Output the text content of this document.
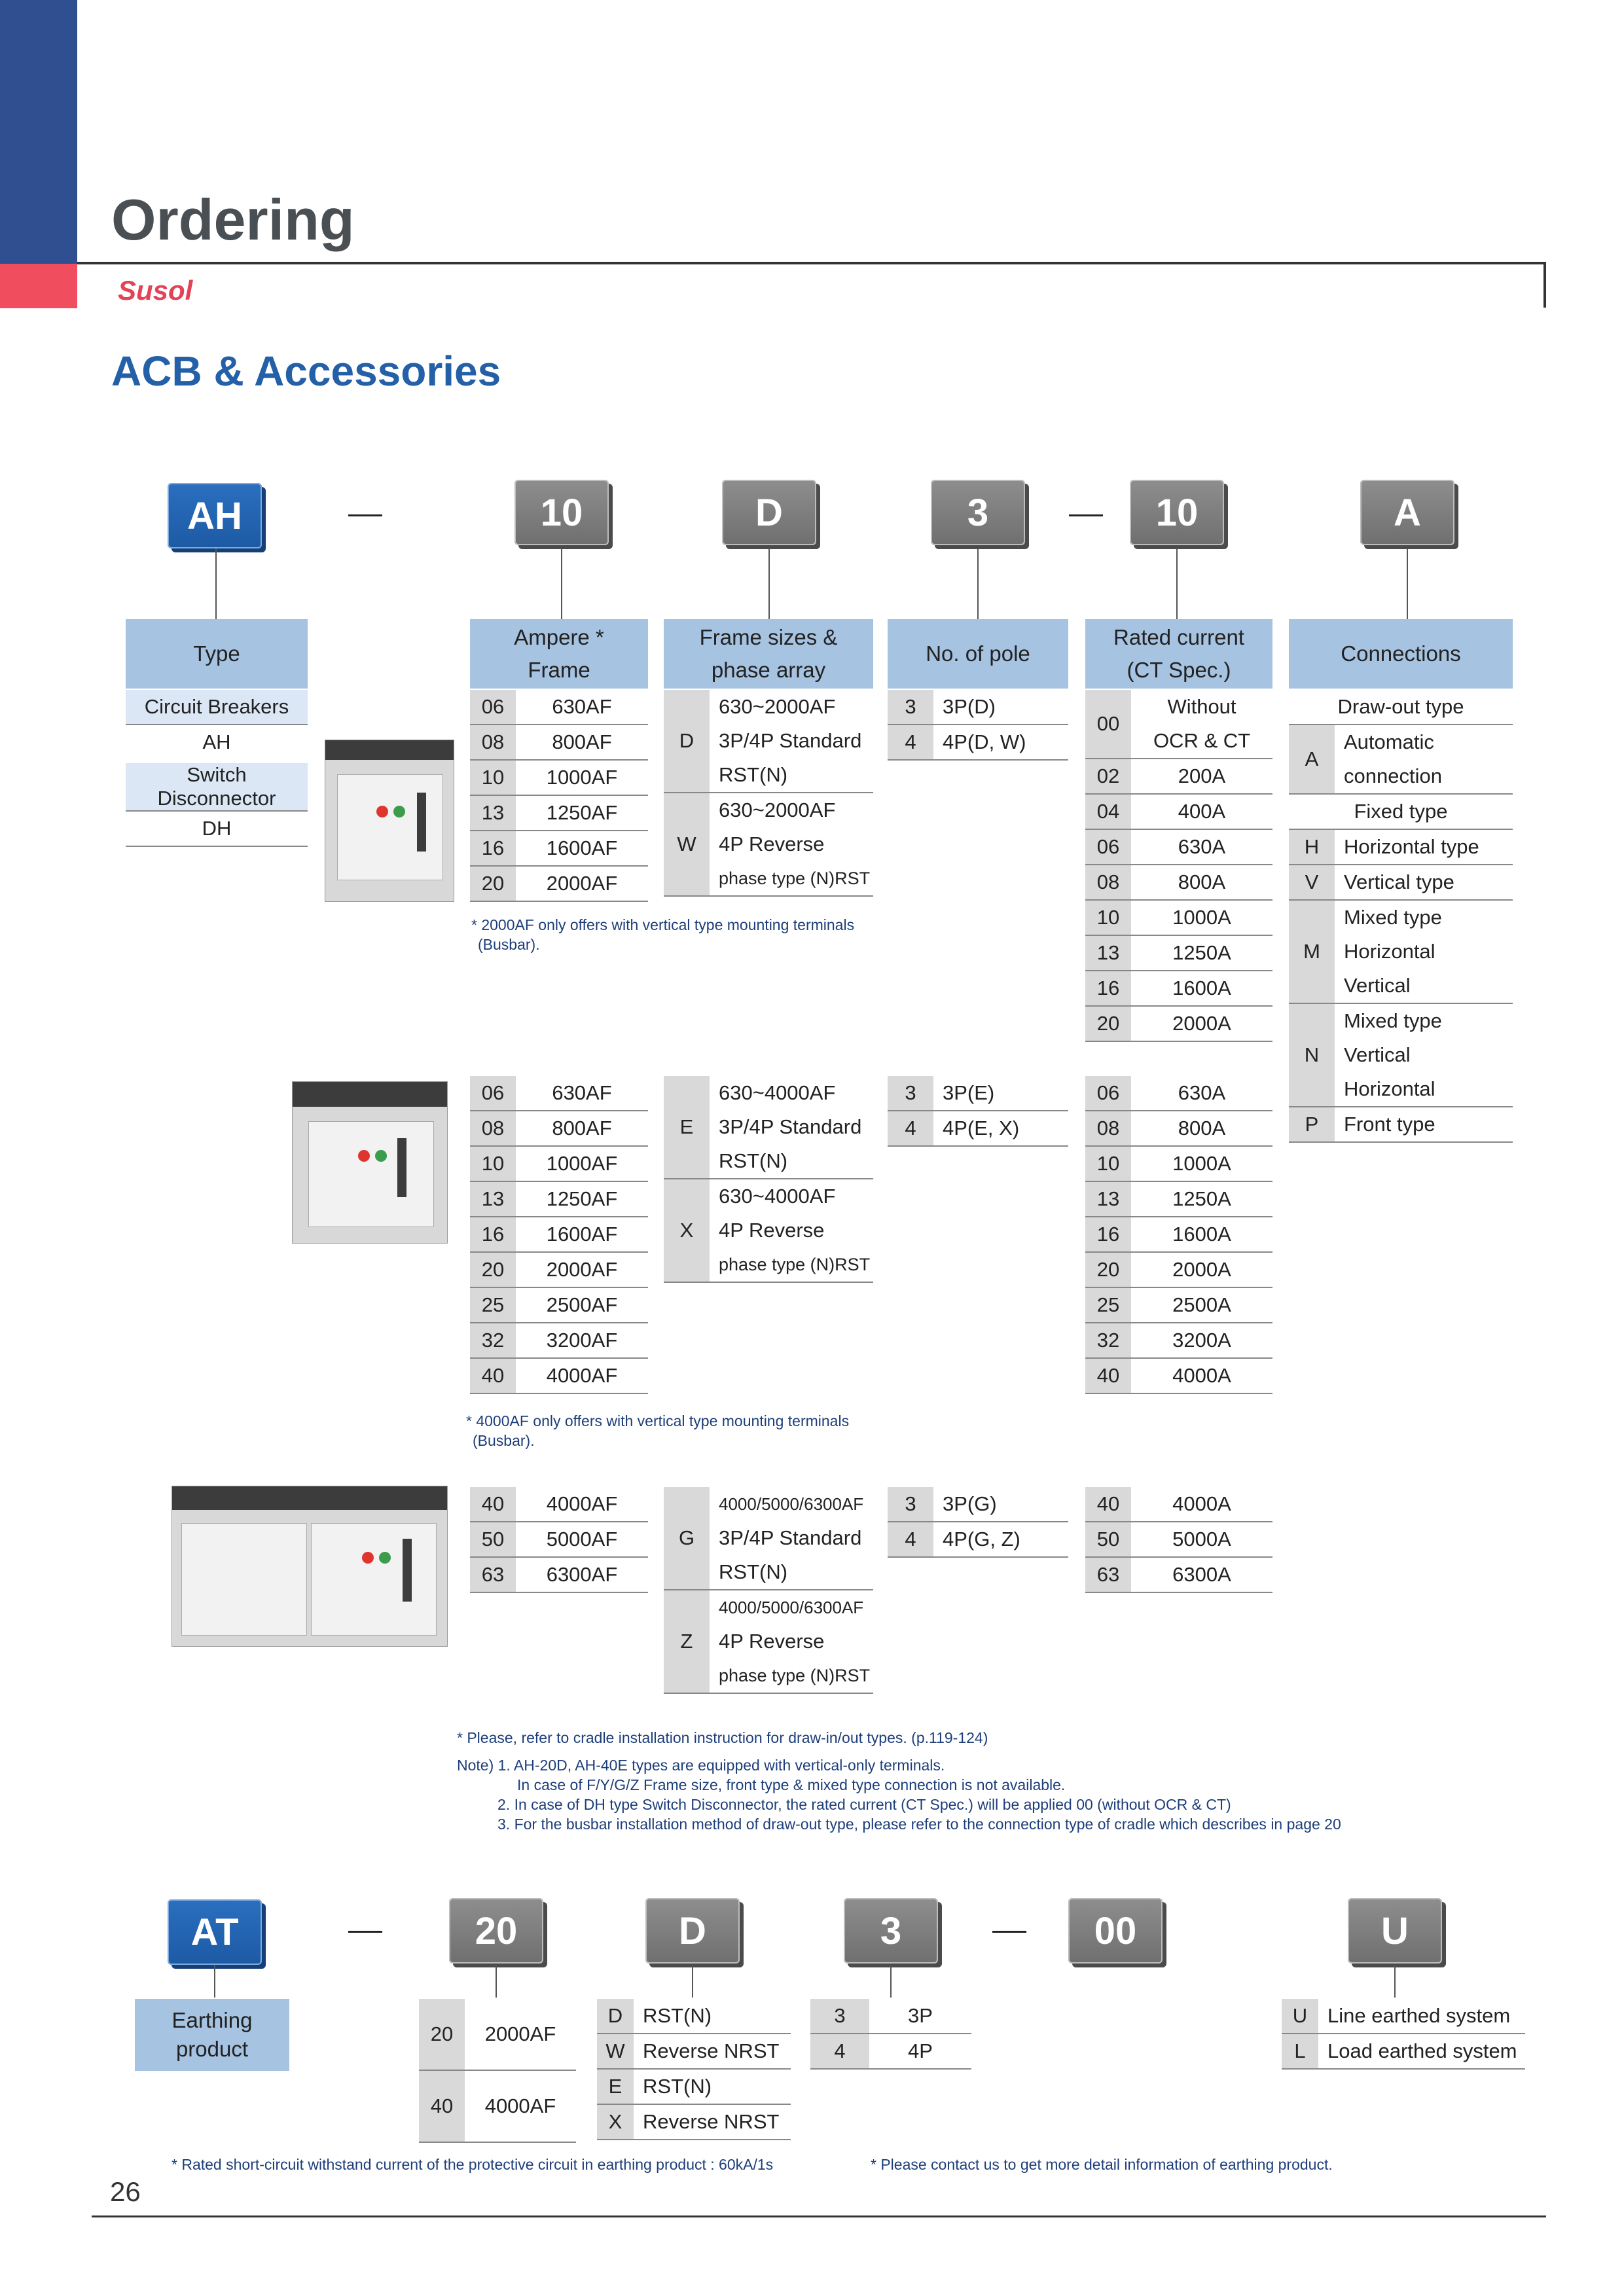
Ordering
Susol
ACB & Accessories
AH	10	D	3	10	A
Type
Ampere *
Frame
Frame sizes &
phase array
No. of pole
Rated current
(CT Spec.)
Connections
Circuit Breakers
AH
Switch Disconnector
DH
06	630AF
08	800AF
10	1000AF
13	1250AF
16	1600AF
20	2000AF
D	630~2000AF
	3P/4P Standard
	RST(N)
W	630~2000AF
	4P Reverse
	phase type (N)RST
3	3P(D)
4	4P(D, W)
* 2000AF only offers with vertical type mounting terminals
(Busbar).
00	Without
	OCR & CT
02	200A
04	400A
06	630A
08	800A
10	1000A
13	1250A
16	1600A
20	2000A
Draw-out type	
A	Automatic
	connection
Fixed type	
H	Horizontal type
V	Vertical type
M	Mixed type
	Horizontal
	Vertical
N	Mixed type
	Vertical
	Horizontal
P	Front type
06	630AF
08	800AF
10	1000AF
13	1250AF
16	1600AF
20	2000AF
25	2500AF
32	3200AF
40	4000AF
E	630~4000AF
	3P/4P Standard
	RST(N)
X	630~4000AF
	4P Reverse
	phase type (N)RST
3	3P(E)
4	4P(E, X)
06	630A
08	800A
10	1000A
13	1250A
16	1600A
20	2000A
25	2500A
32	3200A
40	4000A
* 4000AF only offers with vertical type mounting terminals
(Busbar).
40	4000AF
50	5000AF
63	6300AF
G	4000/5000/6300AF
	3P/4P Standard
	RST(N)
Z	4000/5000/6300AF
	4P Reverse
	phase type (N)RST
3	3P(G)
4	4P(G, Z)
40	4000A
50	5000A
63	6300A
* Please, refer to cradle installation instruction for draw-in/out types. (p.119-124)
Note) 1. AH-20D, AH-40E types are equipped with vertical-only terminals.
In case of F/Y/G/Z Frame size, front type & mixed type connection is not available.
2. In case of DH type Switch Disconnector, the rated current (CT Spec.) will be applied 00 (without OCR & CT)
3. For the busbar installation method of draw-out type, please refer to the connection type of cradle which describes in page 20
AT	20	D	3	00	U
Earthing
product
20	2000AF
40	4000AF
D	RST(N)
W	Reverse NRST
E	RST(N)
X	Reverse NRST
3	3P
4	4P
U	Line earthed system
L	Load earthed system
* Rated short-circuit withstand current of the protective circuit in earthing product : 60kA/1s	* Please contact us to get more detail information of earthing product.
26
